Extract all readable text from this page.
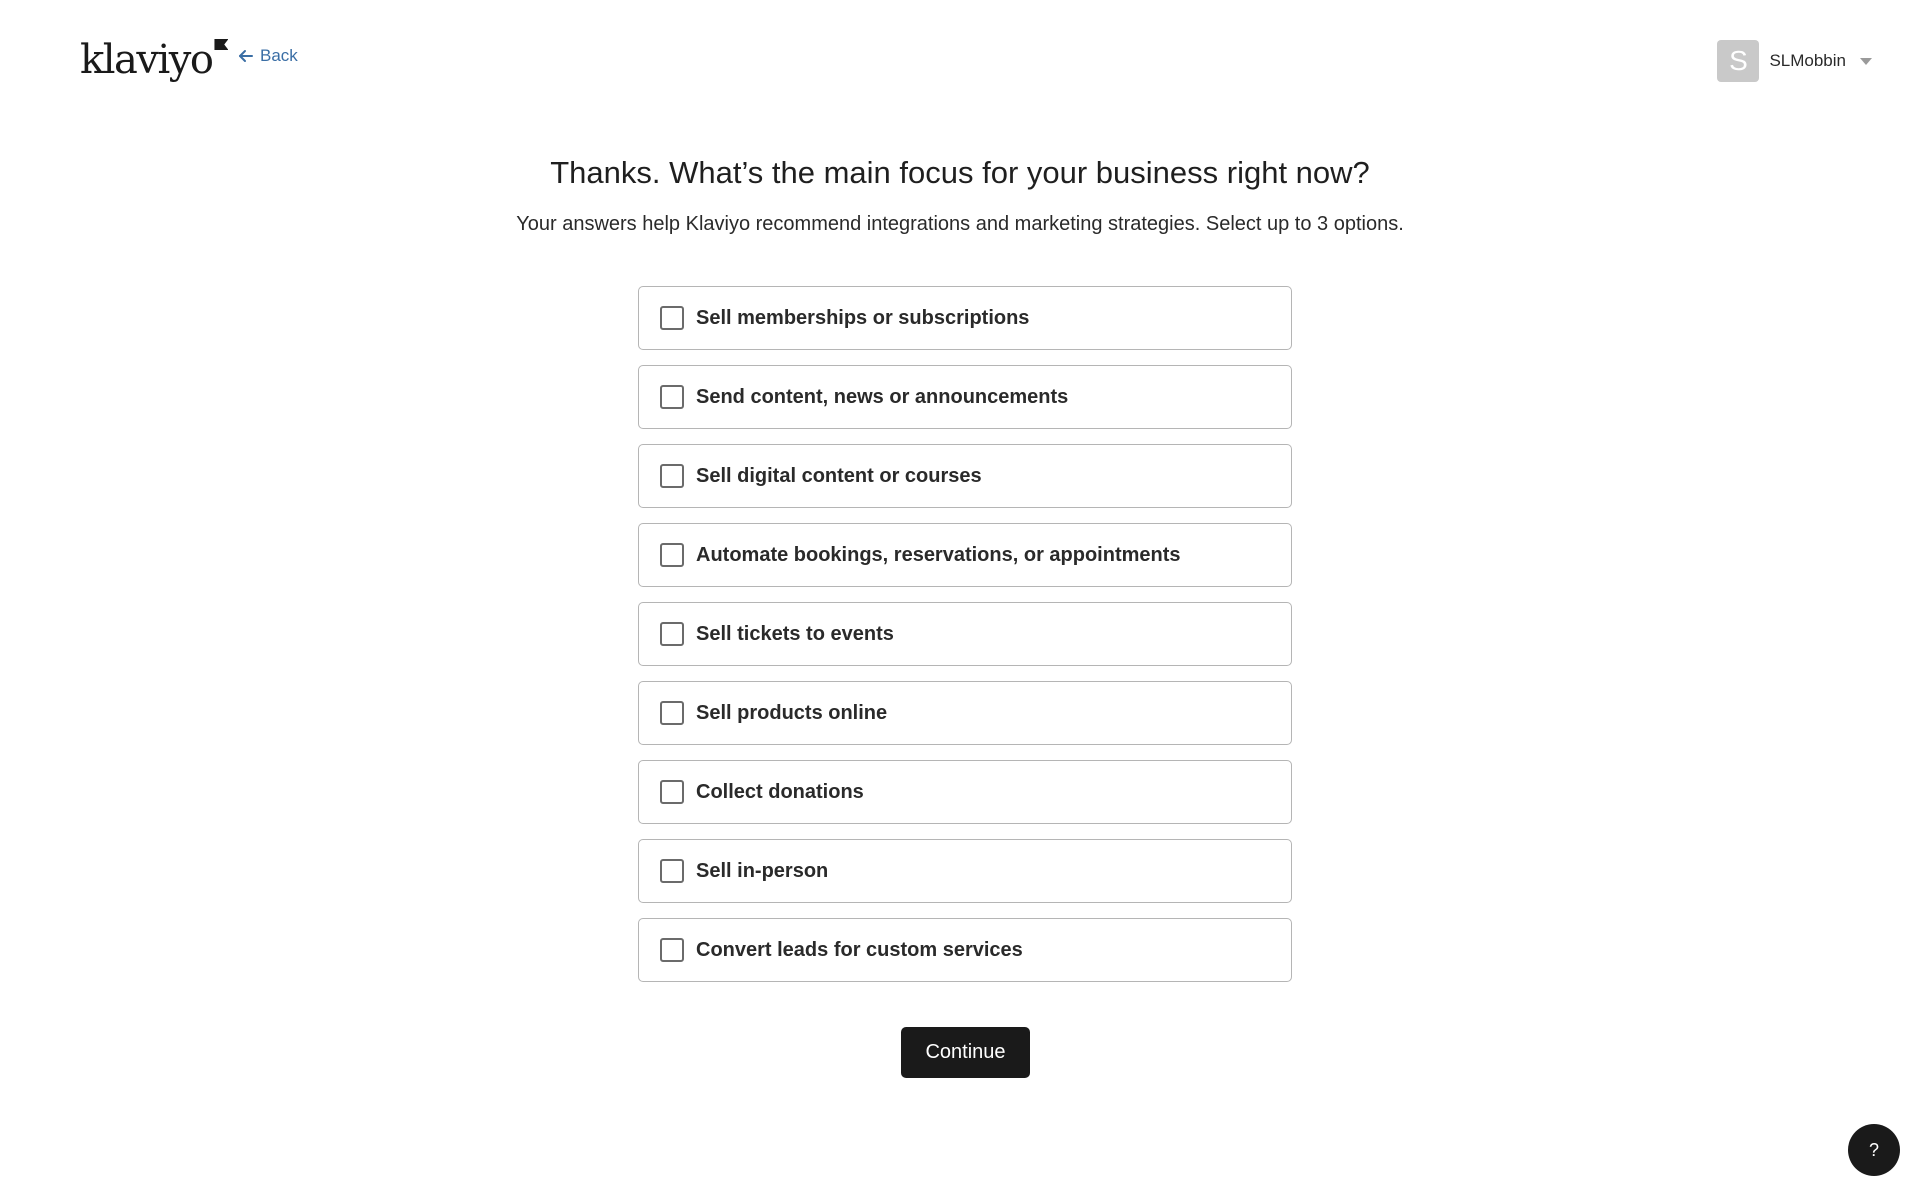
klaviyo	Back	S	SLMobbin
Thanks. What’s the main focus for your business right now?

Your answers help Klaviyo recommend integrations and marketing strategies. Select up to 3 options.

Sell memberships or subscriptions
Send content, news or announcements
Sell digital content or courses
Automate bookings, reservations, or appointments
Sell tickets to events
Sell products online
Collect donations
Sell in-person
Convert leads for custom services
Continue
?
